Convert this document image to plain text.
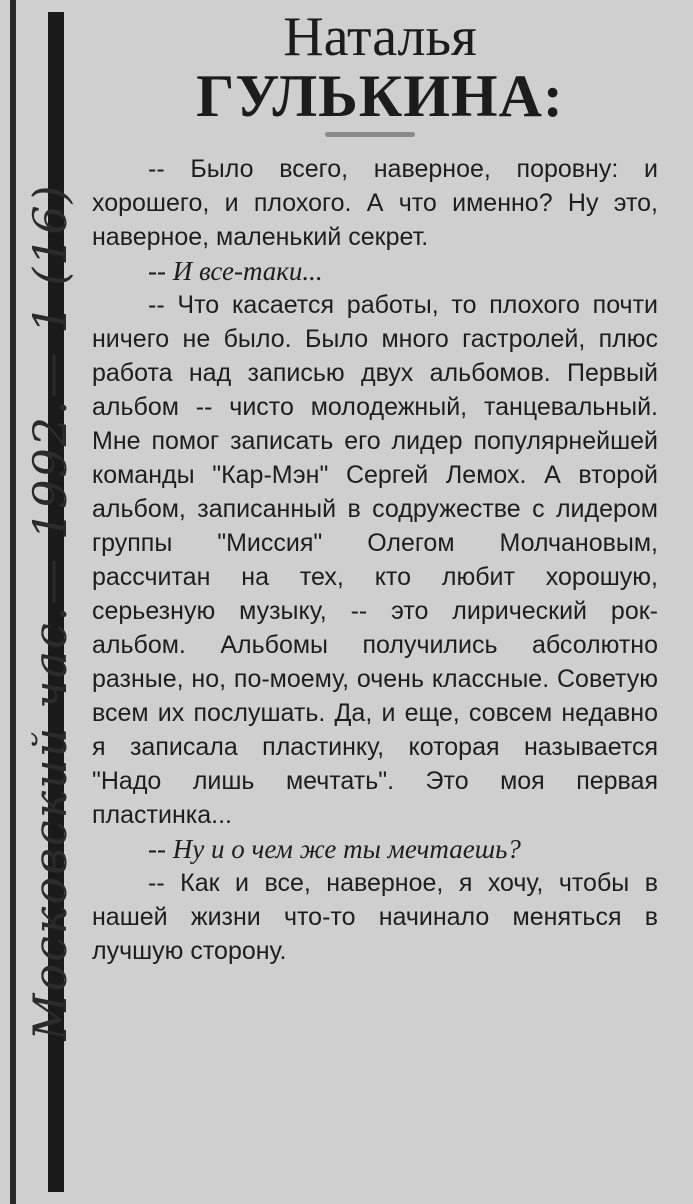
Московский час.— 1992.— 1 (16)
Наталья
ГУЛЬКИНА:

-- Было всего, наверное, поровну: и хорошего, и плохого. А что именно? Ну это, наверное, маленький секрет.

-- И все-таки...

-- Что касается работы, то плохого почти ничего не было. Было много гастролей, плюс работа над записью двух альбомов. Первый альбом -- чисто молодежный, танцевальный. Мне помог записать его лидер популярнейшей команды "Кар-Мэн" Сергей Лемох. А второй альбом, записанный в содружестве с лидером группы "Миссия" Олегом Молчановым, рассчитан на тех, кто любит хорошую, серьезную музыку, -- это лирический рок-альбом. Альбомы получились абсолютно разные, но, по-моему, очень классные. Советую всем их послушать. Да, и еще, совсем недавно я записала пластинку, которая называется "Надо лишь мечтать". Это моя первая пластинка...

-- Ну и о чем же ты мечтаешь?

-- Как и все, наверное, я хочу, чтобы в нашей жизни что-то начинало меняться в лучшую сторону.
